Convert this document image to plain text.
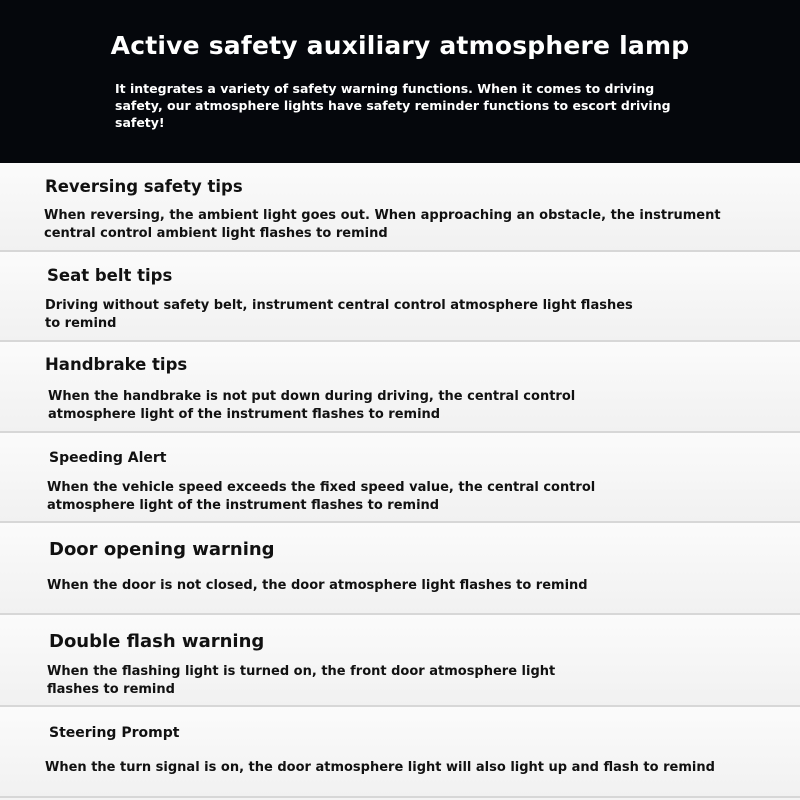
Active safety auxiliary atmosphere lamp
It integrates a variety of safety warning functions. When it comes to driving safety, our atmosphere lights have safety reminder functions to escort driving safety!
Reversing safety tips
When reversing, the ambient light goes out. When approaching an obstacle, the instrument central control ambient light flashes to remind
Seat belt tips
Driving without safety belt, instrument central control atmosphere light flashes to remind
Handbrake tips
When the handbrake is not put down during driving, the central control atmosphere light of the instrument flashes to remind
Speeding Alert
When the vehicle speed exceeds the fixed speed value, the central control atmosphere light of the instrument flashes to remind
Door opening warning
When the door is not closed, the door atmosphere light flashes to remind
Double flash warning
When the flashing light is turned on, the front door atmosphere light flashes to remind
Steering Prompt
When the turn signal is on, the door atmosphere light will also light up and flash to remind
